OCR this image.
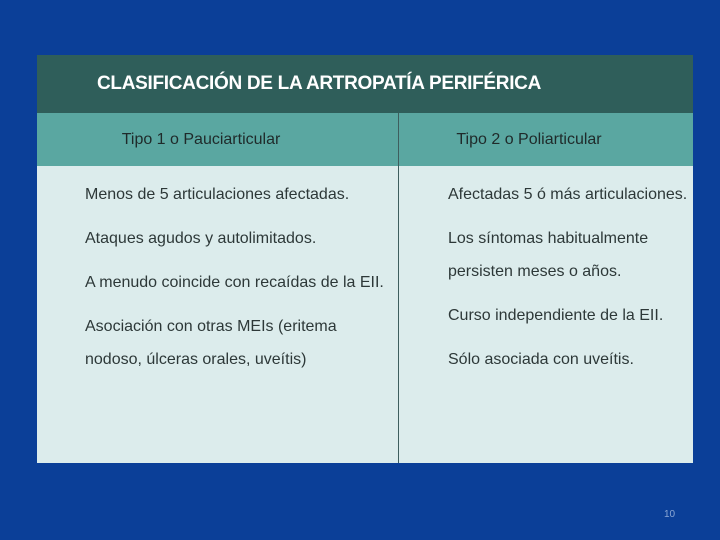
CLASIFICACIÓN DE LA ARTROPATÍA PERIFÉRICA
Tipo 1 o Pauciarticular	Tipo 2 o Poliarticular
Menos de 5 articulaciones afectadas.
Ataques agudos y autolimitados.
A menudo coincide con recaídas de la EII.
Asociación con otras MEIs (eritema nodoso, úlceras orales, uveítis)
Afectadas 5 ó más articulaciones.
Los síntomas habitualmente persisten meses o años.
Curso independiente de la EII.
Sólo asociada con uveítis.
10
